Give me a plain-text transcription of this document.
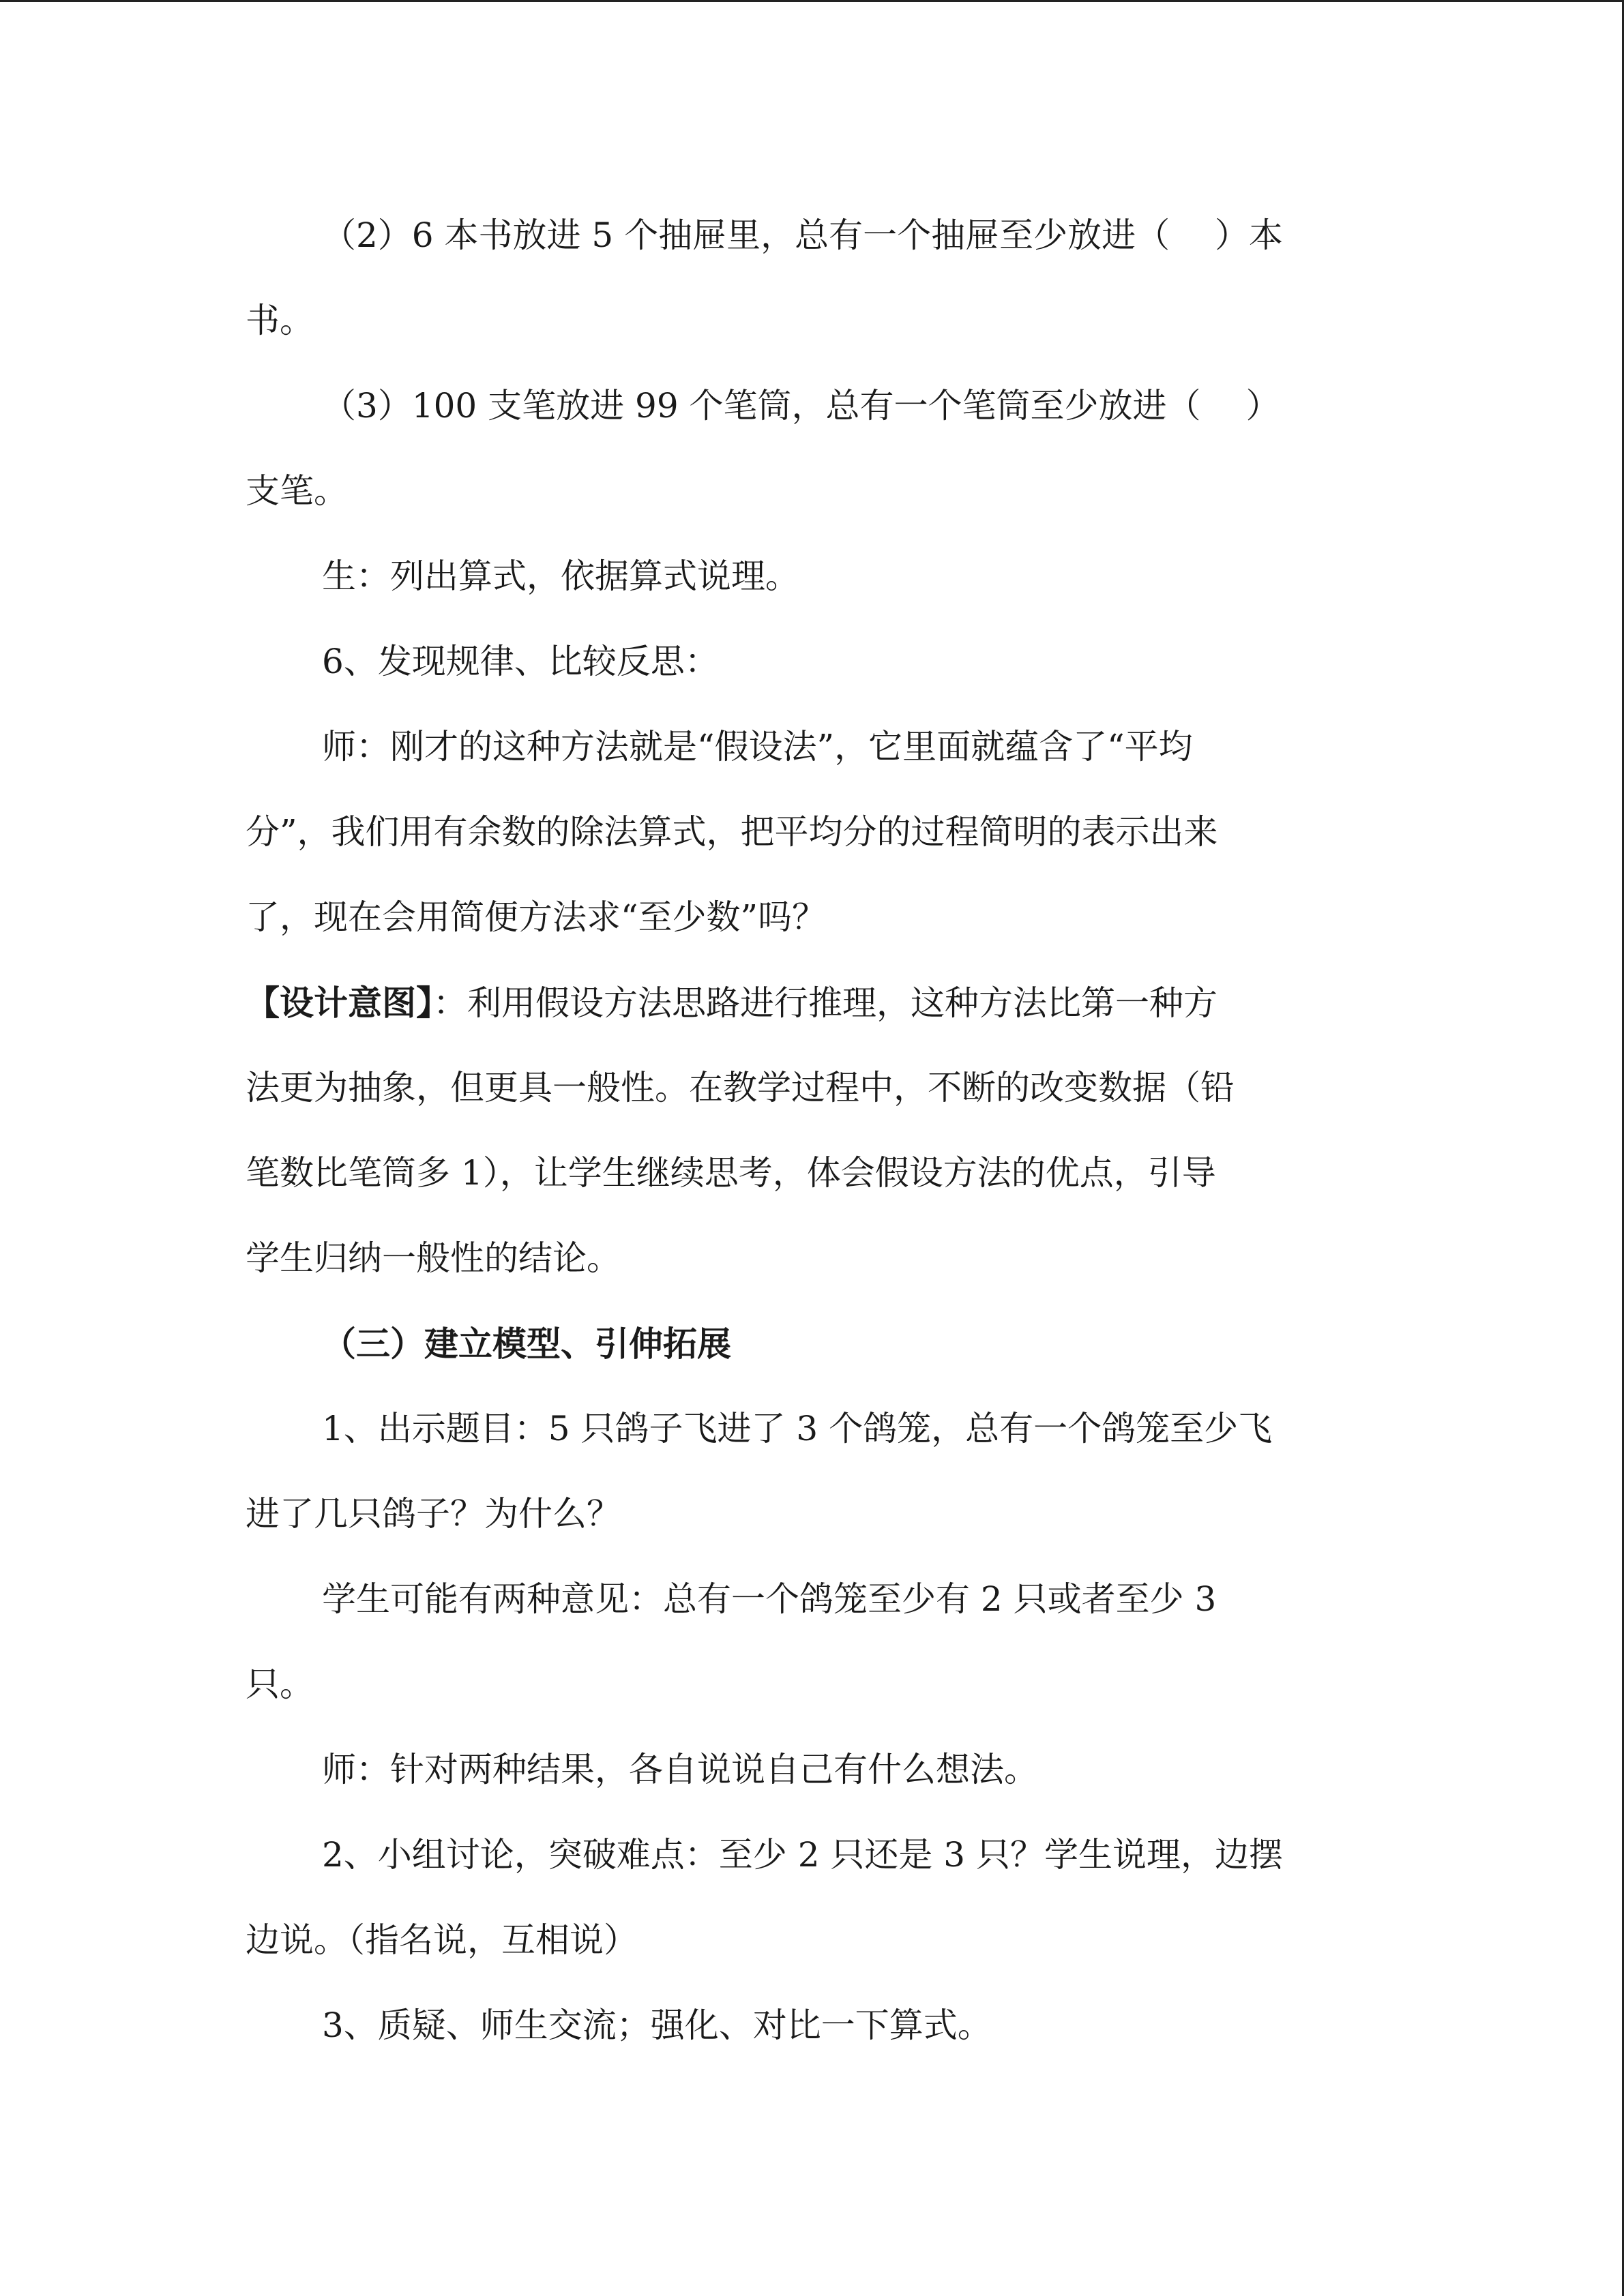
（2）6 本书放进 5 个抽屉里，总有一个抽屉至少放进（　 ）本
书。
（3）100 支笔放进 99 个笔筒，总有一个笔筒至少放进（　 ）
支笔。
生：列出算式，依据算式说理。
6、发现规律、比较反思：
师：刚才的这种方法就是“假设法”，它里面就蕴含了“平均
分”，我们用有余数的除法算式，把平均分的过程简明的表示出来
了，现在会用简便方法求“至少数”吗？
【设计意图】：利用假设方法思路进行推理，这种方法比第一种方
法更为抽象，但更具一般性。在教学过程中，不断的改变数据（铅
笔数比笔筒多 1），让学生继续思考，体会假设方法的优点，引导
学生归纳一般性的结论。
（三）建立模型、引伸拓展
1、出示题目：5 只鸽子飞进了 3 个鸽笼，总有一个鸽笼至少飞
进了几只鸽子？为什么？
学生可能有两种意见：总有一个鸽笼至少有 2 只或者至少 3
只。
师：针对两种结果，各自说说自己有什么想法。
2、小组讨论，突破难点：至少 2 只还是 3 只？学生说理，边摆
边说。（指名说，互相说）
3、质疑、师生交流；强化、对比一下算式。
